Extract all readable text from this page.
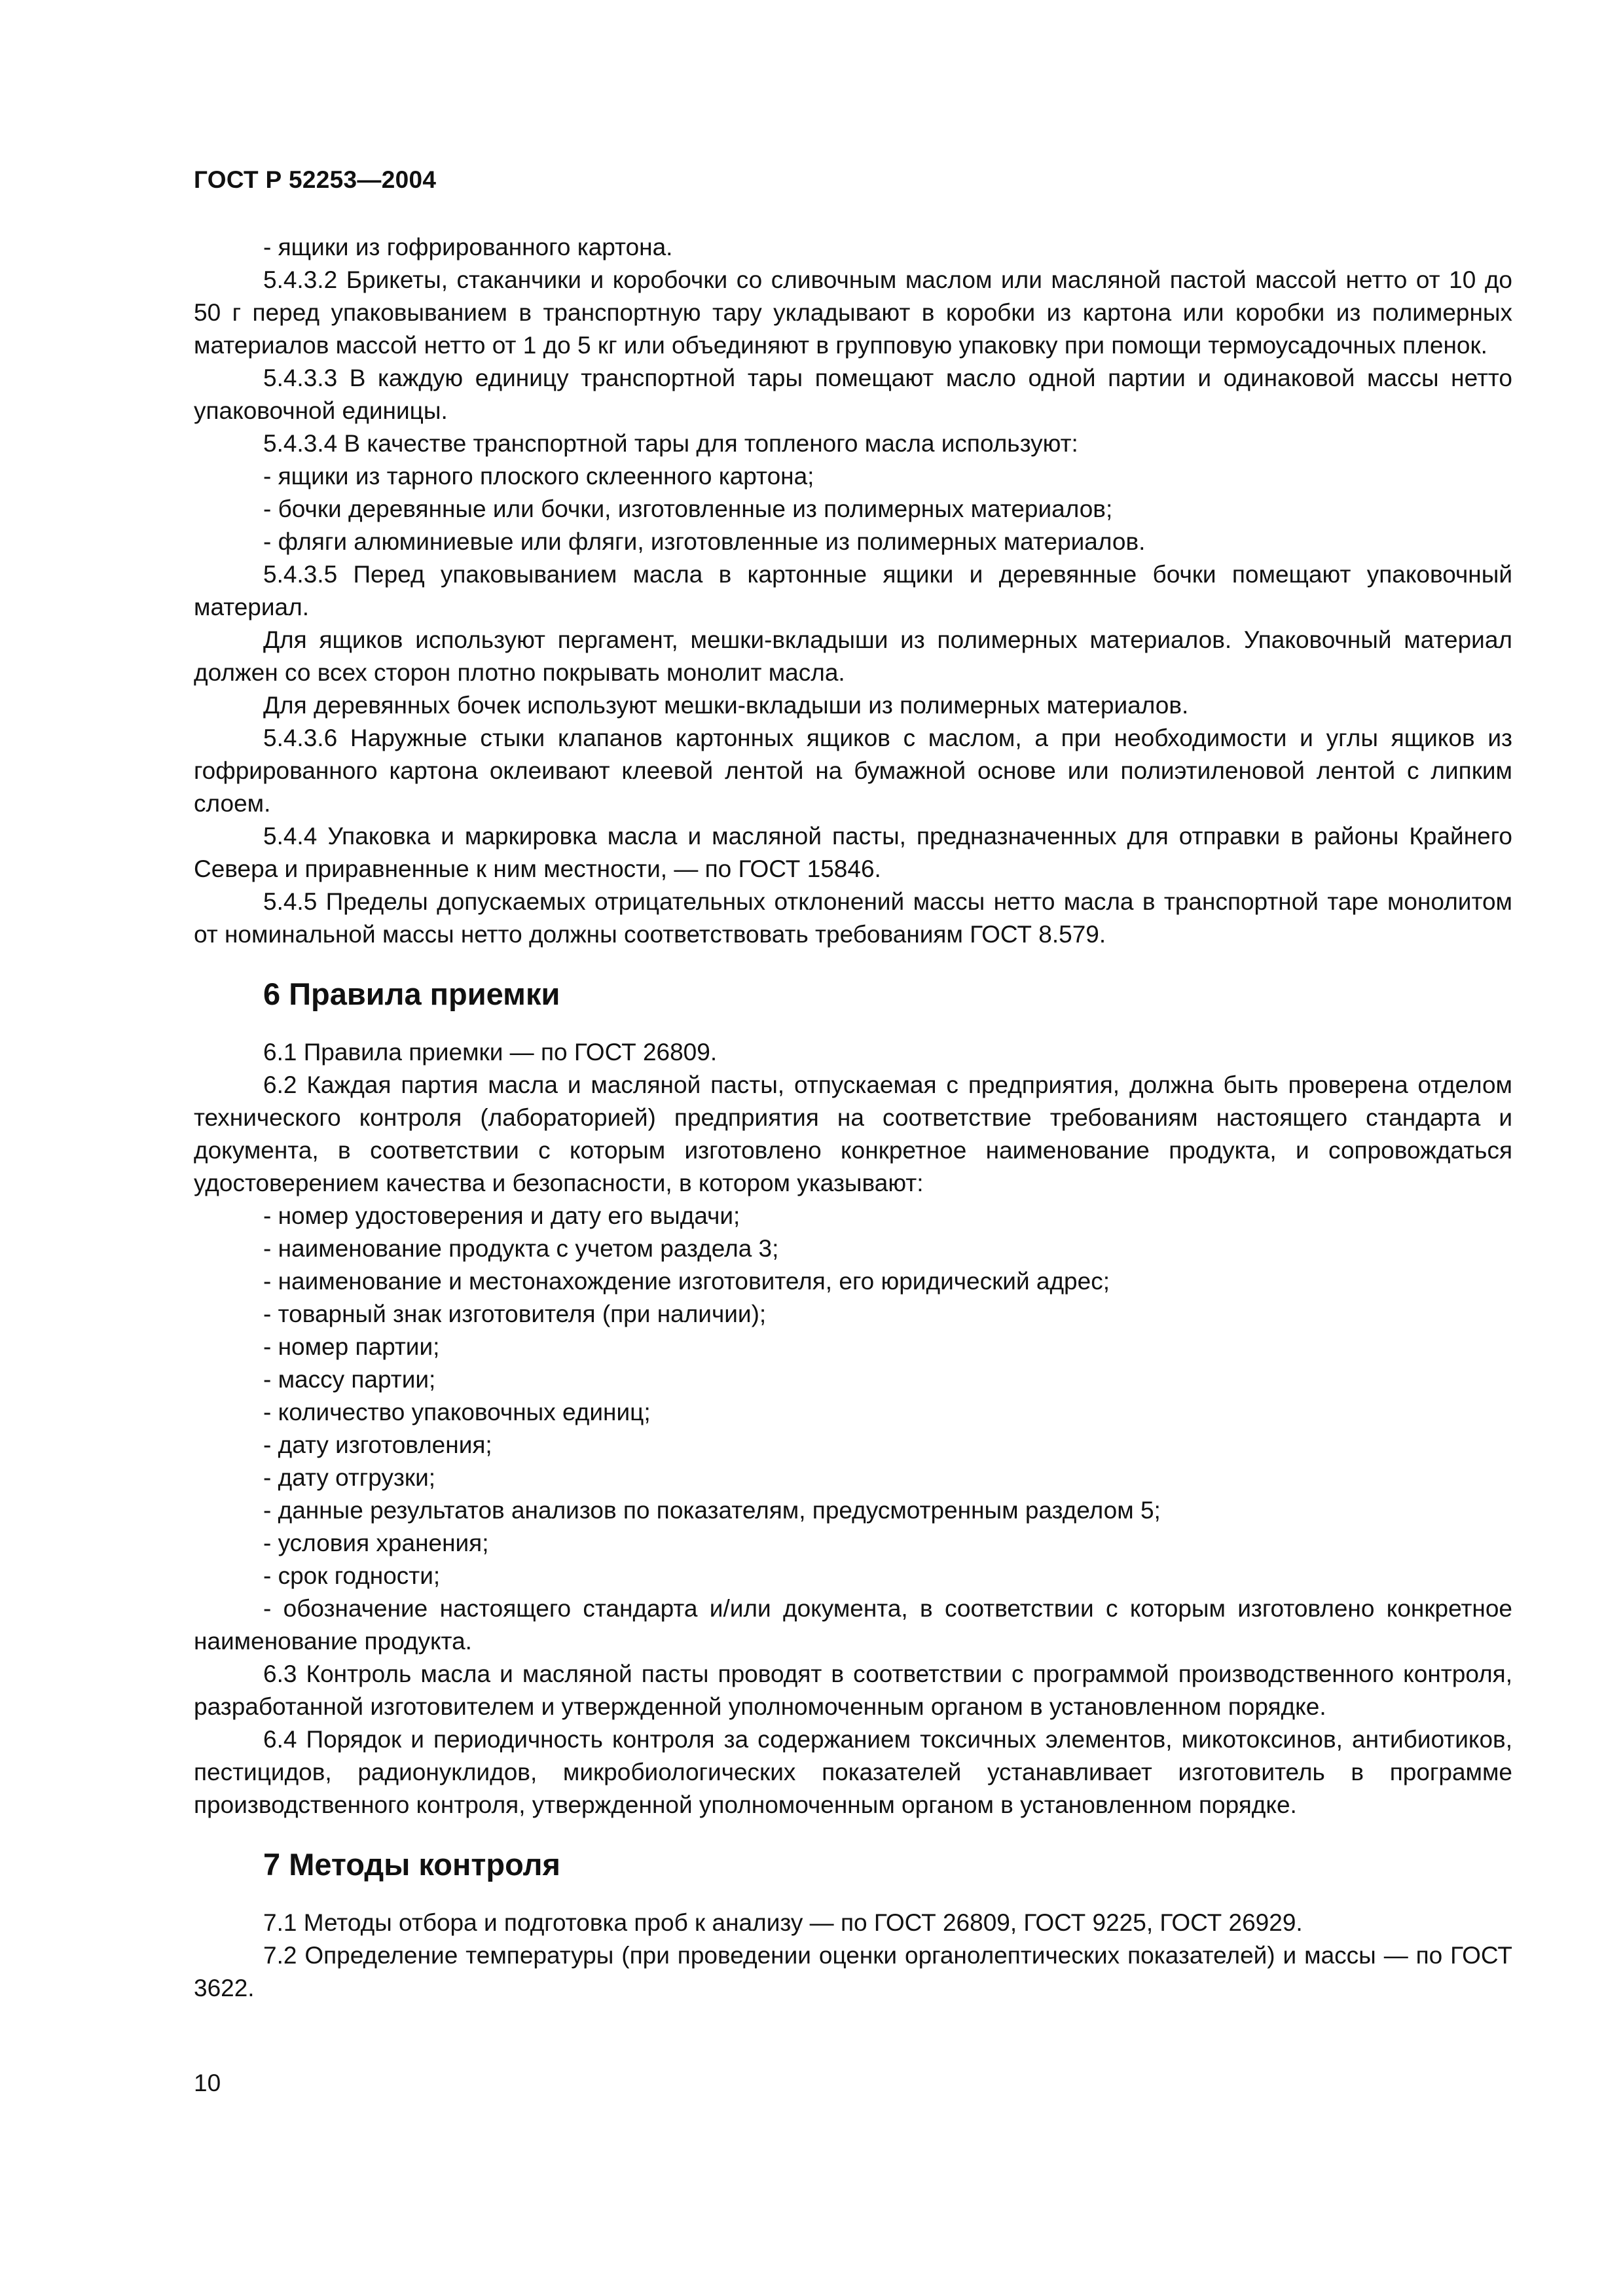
ГОСТ Р 52253—2004

- ящики из гофрированного картона.

5.4.3.2 Брикеты, стаканчики и коробочки со сливочным маслом или масляной пастой массой нетто от 10 до 50 г перед упаковыванием в транспортную тару укладывают в коробки из картона или коробки из полимерных материалов массой нетто от 1 до 5 кг или объединяют в групповую упаковку при помощи термоусадочных пленок.

5.4.3.3 В каждую единицу транспортной тары помещают масло одной партии и одинаковой массы нетто упаковочной единицы.

5.4.3.4 В качестве транспортной тары для топленого масла используют:

- ящики из тарного плоского склеенного картона;

- бочки деревянные или бочки, изготовленные из полимерных материалов;

- фляги алюминиевые или фляги, изготовленные из полимерных материалов.

5.4.3.5 Перед упаковыванием масла в картонные ящики и деревянные бочки помещают упаковочный материал.

Для ящиков используют пергамент, мешки-вкладыши из полимерных материалов. Упаковочный материал должен со всех сторон плотно покрывать монолит масла.

Для деревянных бочек используют мешки-вкладыши из полимерных материалов.

5.4.3.6 Наружные стыки клапанов картонных ящиков с маслом, а при необходимости и углы ящиков из гофрированного картона оклеивают клеевой лентой на бумажной основе или полиэтиленовой лентой с липким слоем.

5.4.4 Упаковка и маркировка масла и масляной пасты, предназначенных для отправки в районы Крайнего Севера и приравненные к ним местности, — по ГОСТ 15846.

5.4.5 Пределы допускаемых отрицательных отклонений массы нетто масла в транспортной таре монолитом от номинальной массы нетто должны соответствовать требованиям ГОСТ 8.579.

6 Правила приемки

6.1 Правила приемки — по ГОСТ 26809.

6.2 Каждая партия масла и масляной пасты, отпускаемая с предприятия, должна быть проверена отделом технического контроля (лабораторией) предприятия на соответствие требованиям настоящего стандарта и документа, в соответствии с которым изготовлено конкретное наименование продукта, и сопровождаться удостоверением качества и безопасности, в котором указывают:

- номер удостоверения и дату его выдачи;

- наименование продукта с учетом раздела 3;

- наименование и местонахождение изготовителя, его юридический адрес;

- товарный знак изготовителя (при наличии);

- номер партии;

- массу партии;

- количество упаковочных единиц;

- дату изготовления;

- дату отгрузки;

- данные результатов анализов по показателям, предусмотренным разделом 5;

- условия хранения;

- срок годности;

- обозначение настоящего стандарта и/или документа, в соответствии с которым изготовлено конкретное наименование продукта.

6.3 Контроль масла и масляной пасты проводят в соответствии с программой производственного контроля, разработанной изготовителем и утвержденной уполномоченным органом в установленном порядке.

6.4 Порядок и периодичность контроля за содержанием токсичных элементов, микотоксинов, антибиотиков, пестицидов, радионуклидов, микробиологических показателей устанавливает изготовитель в программе производственного контроля, утвержденной уполномоченным органом в установленном порядке.

7 Методы контроля

7.1 Методы отбора и подготовка проб к анализу — по ГОСТ 26809, ГОСТ 9225, ГОСТ 26929.

7.2 Определение температуры (при проведении оценки органолептических показателей) и массы — по ГОСТ 3622.

10
